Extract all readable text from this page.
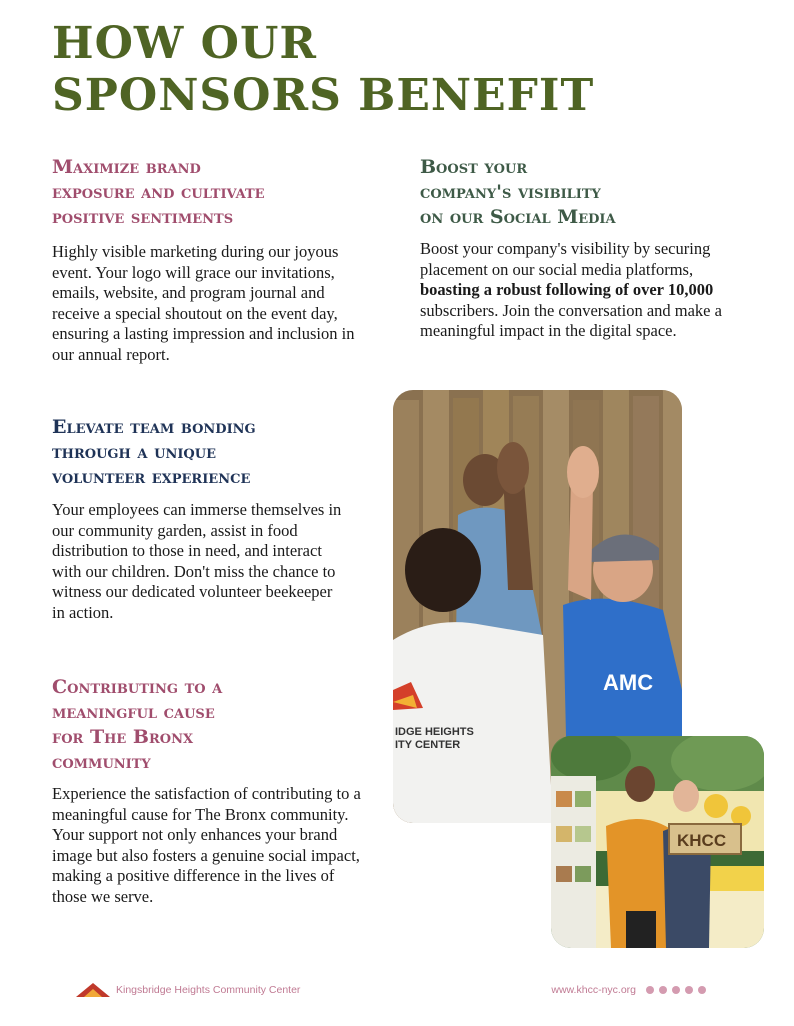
HOW OUR
SPONSORS BENEFIT
Maximize brand
exposure and cultivate
positive sentiments

Highly visible marketing during our joyous event. Your logo will grace our invitations, emails, website, and program journal and receive a special shoutout on the event day, ensuring a lasting impression and inclusion in our annual report.

Elevate team bonding
through a unique
volunteer experience

Your employees can immerse themselves in our community garden, assist in food distribution to those in need, and interact with our children. Don't miss the chance to witness our dedicated volunteer beekeeper in action.

Contributing to a
meaningful cause
for The Bronx
community

Experience the satisfaction of contributing to a meaningful cause for The Bronx community. Your support not only enhances your brand image but also fosters a genuine social impact, making a positive difference in the lives of those we serve.

Boost your
company's visibility
on our Social Media

Boost your company's visibility by securing placement on our social media platforms, boasting a robust following of over 10,000 subscribers. Join the conversation and make a meaningful impact in the digital space.

AMC
IDGE HEIGHTS ITY CENTER
KHCC
Kingsbridge Heights Community Center	www.khcc-nyc.org
